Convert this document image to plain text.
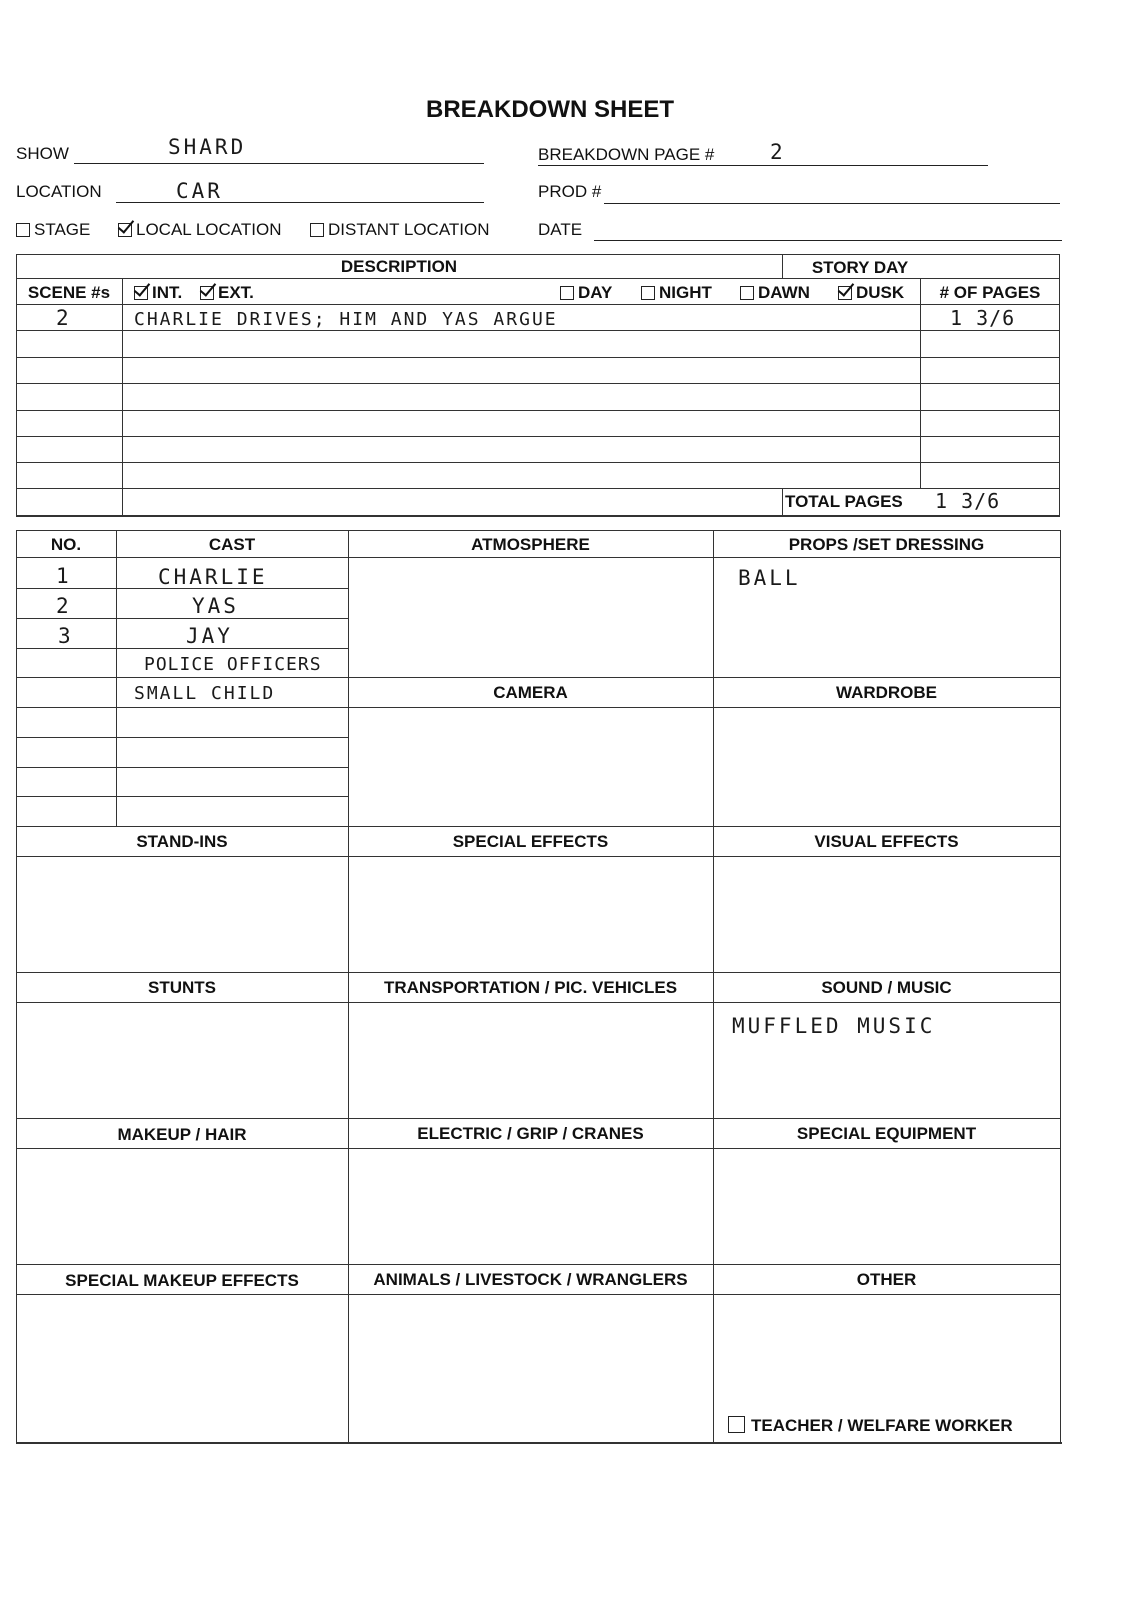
BREAKDOWN SHEET
SHOW	SHARD	BREAKDOWN PAGE #	2
LOCATION	CAR	PROD #
STAGE	LOCAL LOCATION	DISTANT LOCATION	DATE
DESCRIPTION	STORY DAY
SCENE #s	INT.	EXT.	DAY	NIGHT	DAWN	DUSK	# OF PAGES
2	CHARLIE DRIVES; HIM AND YAS ARGUE	1 3/6
TOTAL PAGES 1 3/6
NO.	CAST	ATMOSPHERE	PROPS /SET DRESSING
BALL
1	CHARLIE
2	YAS
3	JAY
POLICE OFFICERS
SMALL CHILD	CAMERA	WARDROBE
STAND-INS	SPECIAL EFFECTS	VISUAL EFFECTS
STUNTS	TRANSPORTATION / PIC. VEHICLES	SOUND / MUSIC
MUFFLED MUSIC
MAKEUP / HAIR	ELECTRIC / GRIP / CRANES	SPECIAL EQUIPMENT
SPECIAL MAKEUP EFFECTS	ANIMALS / LIVESTOCK / WRANGLERS	OTHER
TEACHER / WELFARE WORKER
